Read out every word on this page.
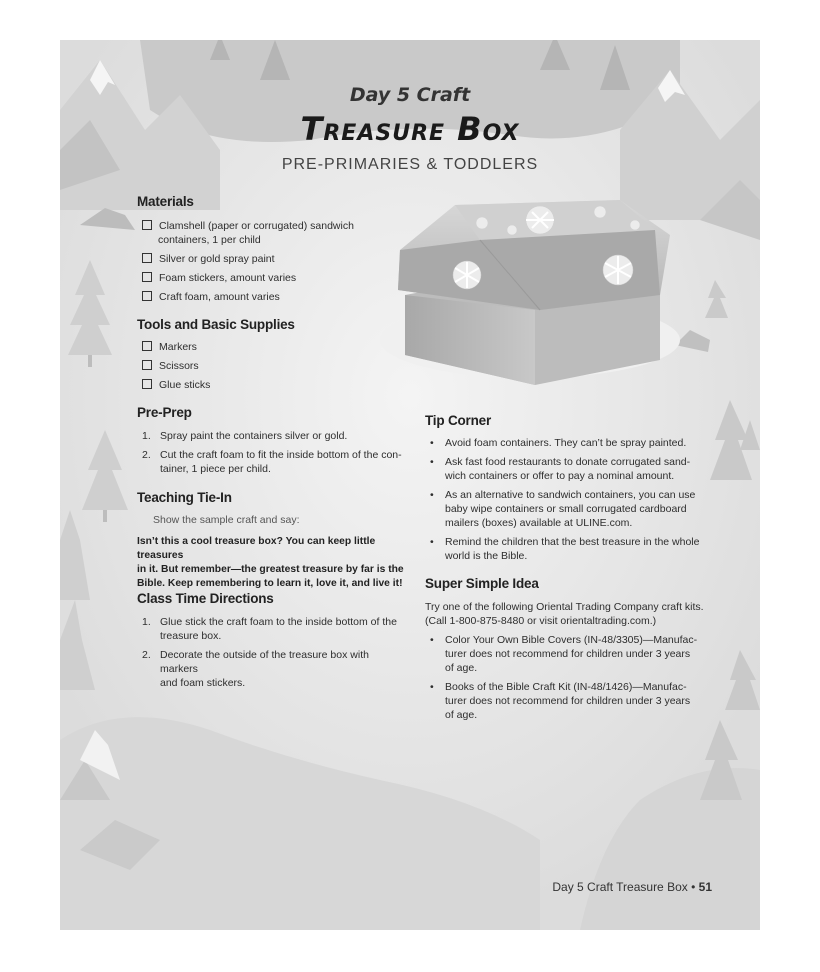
Day 5 Craft
Treasure Box
PRE-PRIMARIES & TODDLERS
Materials
Clamshell (paper or corrugated) sandwich
containers, 1 per child
Silver or gold spray paint
Foam stickers, amount varies
Craft foam, amount varies
Tools and Basic Supplies
Markers
Scissors
Glue sticks
Pre-Prep
1. Spray paint the containers silver or gold.
2. Cut the craft foam to fit the inside bottom of the con-
tainer, 1 piece per child.
Teaching Tie-In
Show the sample craft and say:
Isn’t this a cool treasure box? You can keep little treasures
in it. But remember—the greatest treasure by far is the
Bible. Keep remembering to learn it, love it, and live it!
Class Time Directions
1. Glue stick the craft foam to the inside bottom of the
treasure box.
2. Decorate the outside of the treasure box with markers
and foam stickers.
Tip Corner
• Avoid foam containers. They can’t be spray painted.
• Ask fast food restaurants to donate corrugated sand-
wich containers or offer to pay a nominal amount.
• As an alternative to sandwich containers, you can use
baby wipe containers or small corrugated cardboard
mailers (boxes) available at ULINE.com.
• Remind the children that the best treasure in the whole
world is the Bible.
Super Simple Idea
Try one of the following Oriental Trading Company craft kits.
(Call 1-800-875-8480 or visit orientaltrading.com.)
• Color Your Own Bible Covers (IN-48/3305)—Manufac-
turer does not recommend for children under 3 years
of age.
• Books of the Bible Craft Kit (IN-48/1426)—Manufac-
turer does not recommend for children under 3 years
of age.
Day 5 Craft Treasure Box • 51
